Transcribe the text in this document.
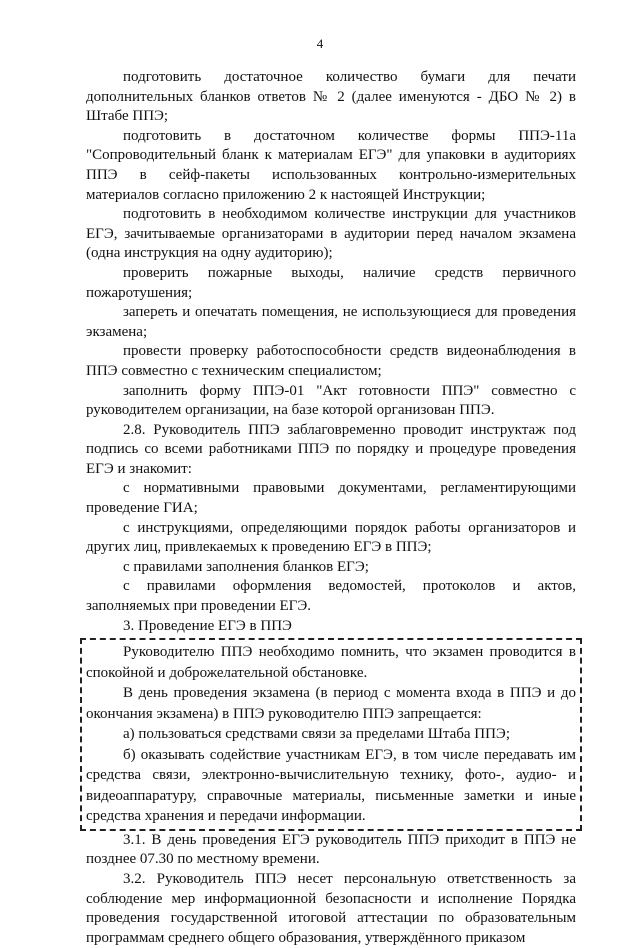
4

подготовить достаточное количество бумаги для печати дополнительных бланков ответов № 2 (далее именуются - ДБО № 2) в Штабе ППЭ;

подготовить в достаточном количестве формы ППЭ-11а "Сопроводительный бланк к материалам ЕГЭ" для упаковки в аудиториях ППЭ в сейф-пакеты использованных контрольно-измерительных материалов согласно приложению 2 к настоящей Инструкции;

подготовить в необходимом количестве инструкции для участников ЕГЭ, зачитываемые организаторами в аудитории перед началом экзамена (одна инструкция на одну аудиторию);

проверить пожарные выходы, наличие средств первичного пожаротушения;

запереть и опечатать помещения, не использующиеся для проведения экзамена;

провести проверку работоспособности средств видеонаблюдения в ППЭ совместно с техническим специалистом;

заполнить форму ППЭ-01 "Акт готовности ППЭ" совместно с руководителем организации, на базе которой организован ППЭ.

2.8. Руководитель ППЭ заблаговременно проводит инструктаж под подпись со всеми работниками ППЭ по порядку и процедуре проведения ЕГЭ и знакомит:

с нормативными правовыми документами, регламентирующими проведение ГИА;

с инструкциями, определяющими порядок работы организаторов и других лиц, привлекаемых к проведению ЕГЭ в ППЭ;

с правилами заполнения бланков ЕГЭ;

с правилами оформления ведомостей, протоколов и актов, заполняемых при проведении ЕГЭ.

3. Проведение ЕГЭ в ППЭ

Руководителю ППЭ необходимо помнить, что экзамен проводится в спокойной и доброжелательной обстановке.

В день проведения экзамена (в период с момента входа в ППЭ и до окончания экзамена) в ППЭ руководителю ППЭ запрещается:

а) пользоваться средствами связи за пределами Штаба ППЭ;

б) оказывать содействие участникам ЕГЭ, в том числе передавать им средства связи, электронно-вычислительную технику, фото-, аудио- и видеоаппаратуру, справочные материалы, письменные заметки и иные средства хранения и передачи информации.

3.1. В день проведения ЕГЭ руководитель ППЭ приходит в ППЭ не позднее 07.30 по местному времени.

3.2. Руководитель ППЭ несет персональную ответственность за соблюдение мер информационной безопасности и исполнение Порядка проведения государственной итоговой аттестации по образовательным программам среднего общего образования, утверждённого приказом
